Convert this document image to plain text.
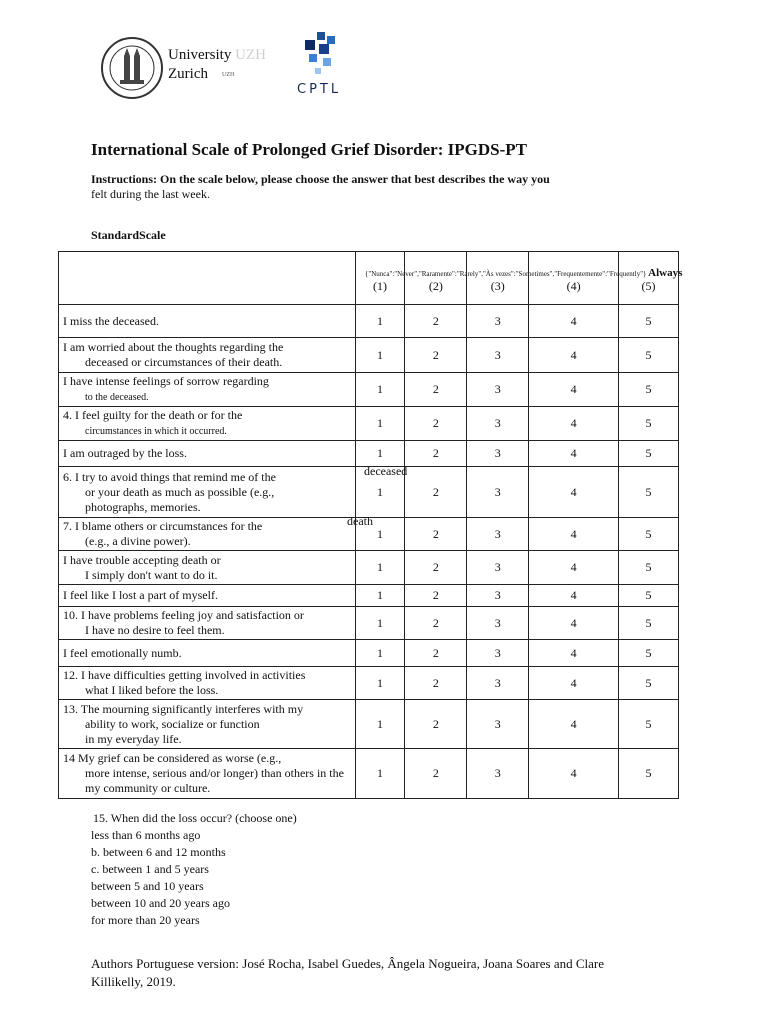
University UZH
Zurich	UZH
CPTL
International Scale of Prolonged Grief Disorder: IPGDS-PT
Instructions: On the scale below, please choose the answer that best describes the way you
felt during the last week.
StandardScale
{"Nunca":"Never","Raramente":"Rarely","Às vezes":"Sometimes","Frequentemente":"Frequently"} Always

	(1)	(2)	(3)	(4)	(5)

I miss the deceased.	1	2	3	4	5
I am worried about the thoughts regarding the
deceased or circumstances of their death.	1	2	3	4	5
I have intense feelings of sorrow regarding
to the deceased.	1	2	3	4	5
4. I feel guilty for the death or for the
circumstances in which it occurred.	1	2	3	4	5
I am outraged by the loss.	1	2	3	4	5
6. I try to avoid things that remind me of the
or your death as much as possible (e.g.,
photographs, memories.	1	2	3	4	5
7. I blame others or circumstances for the
(e.g., a divine power).	1	2	3	4	5
I have trouble accepting death or
I simply don't want to do it.	1	2	3	4	5
I feel like I lost a part of myself.	1	2	3	4	5
10. I have problems feeling joy and satisfaction or
I have no desire to feel them.	1	2	3	4	5
I feel emotionally numb.	1	2	3	4	5
12. I have difficulties getting involved in activities
what I liked before the loss.	1	2	3	4	5
13. The mourning significantly interferes with my
ability to work, socialize or function
in my everyday life.	1	2	3	4	5
14 My grief can be considered as worse (e.g.,
more intense, serious and/or longer) than others in the
my community or culture.	1	2	3	4	5
deceased
death
15. When did the loss occur? (choose one)
less than 6 months ago
b. between 6 and 12 months
c. between 1 and 5 years
between 5 and 10 years
between 10 and 20 years ago
for more than 20 years
Authors Portuguese version: José Rocha, Isabel Guedes, Ângela Nogueira, Joana Soares and Clare Killikelly, 2019.
